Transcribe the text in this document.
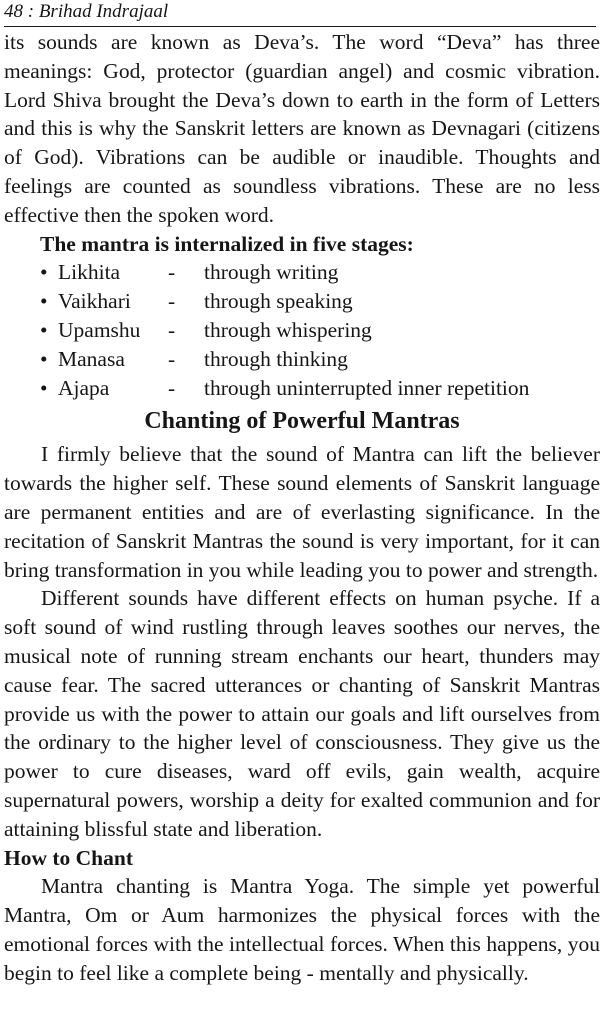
48 : Brihad Indrajaal

its sounds are known as Deva’s. The word “Deva” has three meanings: God, protector (guardian angel) and cosmic vibration. Lord Shiva brought the Deva’s down to earth in the form of Letters and this is why the Sanskrit letters are known as Devnagari (citizens of God). Vibrations can be audible or inaudible. Thoughts and feelings are counted as soundless vibrations. These are no less effective then the spoken word.

The mantra is internalized in five stages:
• Likhita	-	through writing
• Vaikhari	-	through speaking
• Upamshu	-	through whispering
• Manasa	-	through thinking
• Ajapa	-	through uninterrupted inner repetition
Chanting of Powerful Mantras

I firmly believe that the sound of Mantra can lift the believer towards the higher self. These sound elements of Sanskrit language are permanent entities and are of everlasting significance. In the recitation of Sanskrit Mantras the sound is very important, for it can bring transformation in you while leading you to power and strength.

Different sounds have different effects on human psyche. If a soft sound of wind rustling through leaves soothes our nerves, the musical note of running stream enchants our heart, thunders may cause fear. The sacred utterances or chanting of Sanskrit Mantras provide us with the power to attain our goals and lift ourselves from the ordinary to the higher level of consciousness. They give us the power to cure diseases, ward off evils, gain wealth, acquire supernatural powers, worship a deity for exalted communion and for attaining blissful state and liberation.

How to Chant

Mantra chanting is Mantra Yoga. The simple yet powerful Mantra, Om or Aum harmonizes the physical forces with the emotional forces with the intellectual forces. When this happens, you begin to feel like a complete being - mentally and physically.
